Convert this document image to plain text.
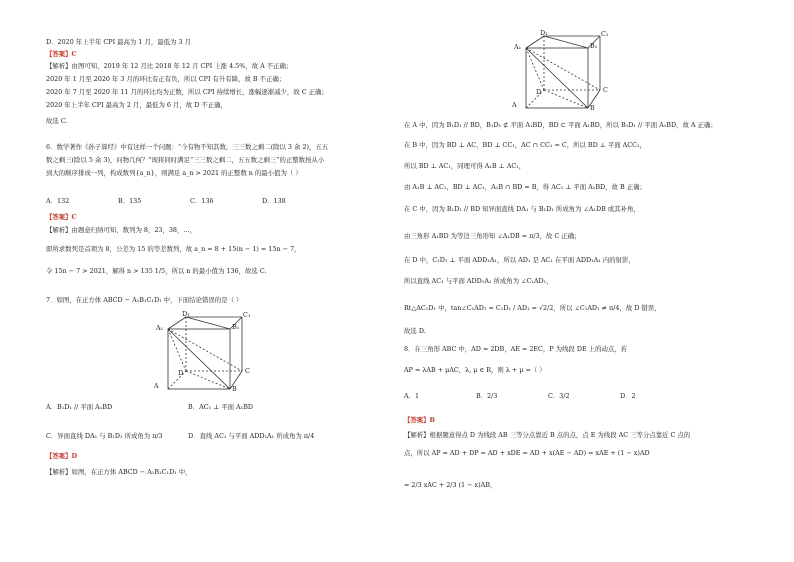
D．2020 年上半年 CPI 最高为 1 月，最低为 3 月
【答案】C
【解析】由图可知，2019 年 12 月比 2018 年 12 月 CPI 上涨 4.5%，故 A 不正确；
2020 年 1 月至 2020 年 3 月的环比有正有负，所以 CPI 有升有降，故 B 不正确；
2020 年 7 月至 2020 年 11 月的环比均为正数，所以 CPI 持续增长，涨幅逐渐减少，故 C 正确；
2020 年上半年 CPI 最高为 2 月，最低为 6 月，故 D 不正确，
故选 C.
6．数学著作《孙子算经》中有这样一个问题：“今有物不知其数，三三数之剩二(除以 3 余 2)，五五
数之剩三(除以 5 余 3)，问物几何？”现将同时满足“三三数之剩二，五五数之剩三”的正整数按从小
到大的顺序排成一列，构成数列{a_n}，则满足 a_n > 2021 的正整数 n 的最小值为（ ）
A．132	B．135	C．136	D．138
【答案】C
【解析】由题意归纳可知，数列为 8，23，38，…，
即所求数列是首项为 8，公差为 15 的等差数列，故 a_n = 8 + 15(n − 1) = 15n − 7，
令 15n − 7 > 2021，解得 n > 135 1/5，所以 n 的最小值为 136，故选 C.
7．如图，在正方体 ABCD − A₁B₁C₁D₁ 中，下面结论错误的是（ ）
A	B
C
D
A₁	B₁
C₁
D₁
A．B₁D₁ // 平面 A₁BD	B．AC₁ ⊥ 平面 A₁BD
C．异面直线 DA₁ 与 B₁D₁ 所成角为 π/3	D．直线 AC₁ 与平面 ADD₁A₁ 所成角为 π/4
【答案】D
【解析】如图，在正方体 ABCD − A₁B₁C₁D₁ 中，
A	B
C
D
A₁	B₁
C₁
D₁
在 A 中，因为 B₁D₁ // BD，B₁D₁ ⊄ 平面 A₁BD，BD ⊂ 平面 A₁BD，所以 B₁D₁ // 平面 A₁BD，故 A 正确；
在 B 中，因为 BD ⊥ AC，BD ⊥ CC₁，AC ∩ CC₁ = C，所以 BD ⊥ 平面 ACC₁，
所以 BD ⊥ AC₁，同理可得 A₁B ⊥ AC₁，
由 A₁B ⊥ AC₁，BD ⊥ AC₁，A₁B ∩ BD = B，得 AC₁ ⊥ 平面 A₁BD，故 B 正确；
在 C 中，因为 B₁D₁ // BD 知异面直线 DA₁ 与 B₁D₁ 所成角为 ∠A₁DB 或其补角，
由三角形 A₁BD 为等边三角形知 ∠A₁DB = π/3，故 C 正确；
在 D 中，C₁D₁ ⊥ 平面 ADD₁A₁，所以 AD₁ 是 AC₁ 在平面 ADD₁A₁ 内的射影，
所以直线 AC₁ 与平面 ADD₁A₁ 所成角为 ∠C₁AD₁，
Rt△AC₁D₁ 中，tan∠C₁AD₁ = C₁D₁ / AD₁ = √2/2，所以 ∠C₁AD₁ ≠ π/4，故 D 错误，
故选 D.
8．在三角形 ABC 中，AD = 2DB，AE = 2EC，P 为线段 DE 上的动点，若
AP = λAB + μAC，λ, μ ∈ R，则 λ + μ =（ ）
A．1	B．2/3	C．3/2	D．2
【答案】B
【解析】根据题意得点 D 为线段 AB 三等分点靠近 B 点的点，点 E 为线段 AC 三等分点靠近 C 点的
点，所以 AP = AD + DP = AD + xDE = AD + x(AE − AD) = xAE + (1 − x)AD
= 2/3 xAC + 2/3 (1 − x)AB，
